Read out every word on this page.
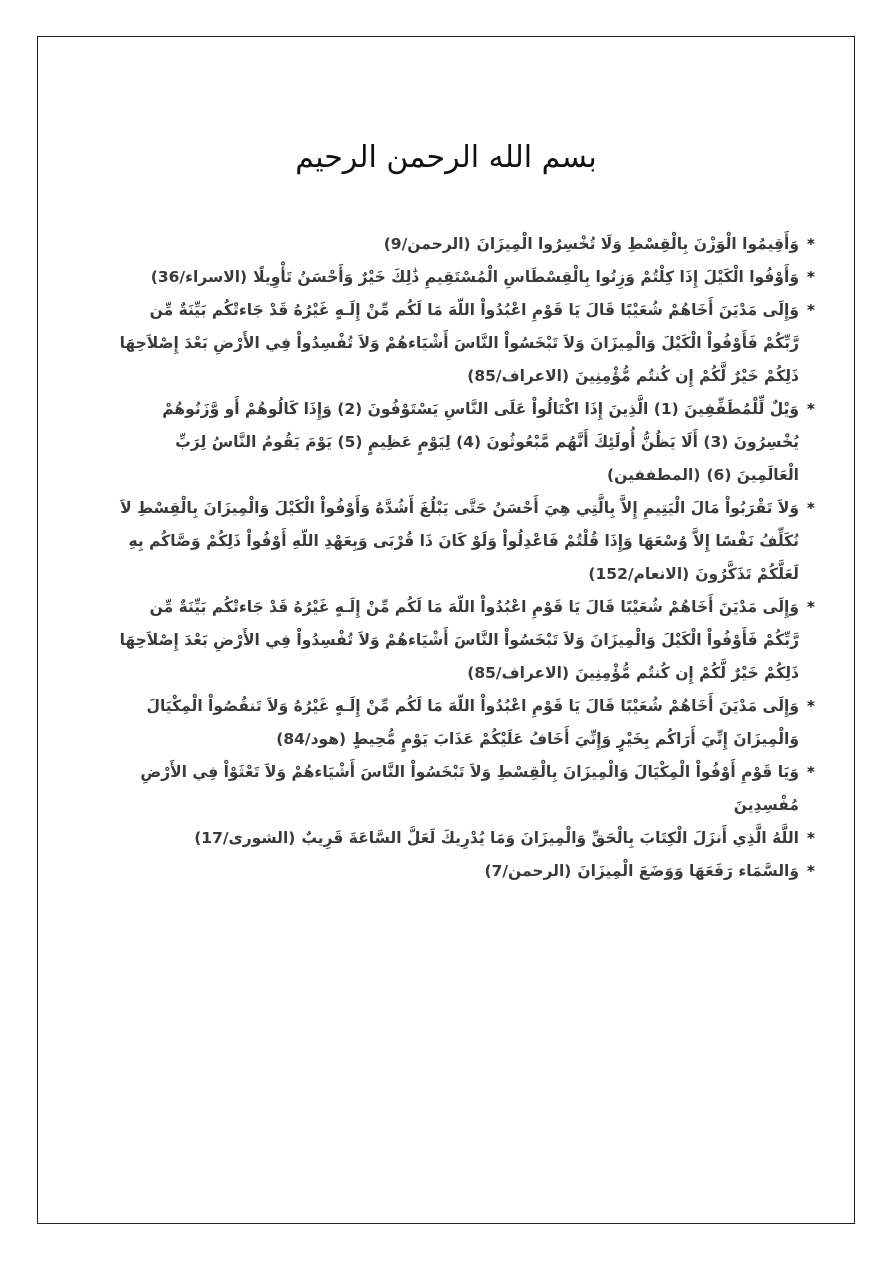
بسم الله الرحمن الرحيم
*
وَأَقِيمُوا الْوَزْنَ بِالْقِسْطِ وَلَا تُخْسِرُوا الْمِيزَانَ(الرحمن/9)
*
وَأَوْفُوا الْكَيْلَ إِذَا كِلْتُمْ وَزِنُوا بِالْقِسْطَاسِ الْمُسْتَقِيمِ ذَٰلِكَ خَيْرٌ وَأَحْسَنُ تَأْوِيلًا(الاسراء/36)
*
وَإِلَى مَدْيَنَ أَخَاهُمْ شُعَيْبًا قَالَ يَا قَوْمِ اعْبُدُواْ اللّهَ مَا لَكُم مِّنْ إِلَـهٍ غَيْرُهُ قَدْ جَاءتْكُم بَيِّنَةٌ مِّن رَّبِّكُمْ فَأَوْفُواْ الْكَيْلَ وَالْمِيزَانَ وَلاَ تَبْخَسُواْ النَّاسَ أَشْيَاءهُمْ وَلاَ تُفْسِدُواْ فِي الأَرْضِ بَعْدَ إِصْلاَحِهَا ذَلِكُمْ خَيْرٌ لَّكُمْ إِن كُنتُم مُّؤْمِنِينَ(الاعراف/85)
*
وَيْلٌ لِّلْمُطَفِّفِينَ (1) الَّذِينَ إِذَا اكْتَالُواْ عَلَى النَّاسِ يَسْتَوْفُونَ (2) وَإِذَا كَالُوهُمْ أَو وَّزَنُوهُمْ يُخْسِرُونَ (3) أَلَا يَظُنُّ أُولَئِكَ أَنَّهُم مَّبْعُوثُونَ (4) لِيَوْمٍ عَظِيمٍ (5) يَوْمَ يَقُومُ النَّاسُ لِرَبِّ الْعَالَمِينَ (6)(المطففين)
*
وَلاَ تَقْرَبُواْ مَالَ الْيَتِيمِ إِلاَّ بِالَّتِي هِيَ أَحْسَنُ حَتَّى يَبْلُغَ أَشُدَّهُ وَأَوْفُواْ الْكَيْلَ وَالْمِيزَانَ بِالْقِسْطِ لاَ نُكَلِّفُ نَفْسًا إِلاَّ وُسْعَهَا وَإِذَا قُلْتُمْ فَاعْدِلُواْ وَلَوْ كَانَ ذَا قُرْبَى وَبِعَهْدِ اللّهِ أَوْفُواْ ذَلِكُمْ وَصَّاكُم بِهِ لَعَلَّكُمْ تَذَكَّرُونَ(الانعام/152)
*
وَإِلَى مَدْيَنَ أَخَاهُمْ شُعَيْبًا قَالَ يَا قَوْمِ اعْبُدُواْ اللّهَ مَا لَكُم مِّنْ إِلَـهٍ غَيْرُهُ قَدْ جَاءتْكُم بَيِّنَةٌ مِّن رَّبِّكُمْ فَأَوْفُواْ الْكَيْلَ وَالْمِيزَانَ وَلاَ تَبْخَسُواْ النَّاسَ أَشْيَاءهُمْ وَلاَ تُفْسِدُواْ فِي الأَرْضِ بَعْدَ إِصْلاَحِهَا ذَلِكُمْ خَيْرٌ لَّكُمْ إِن كُنتُم مُّؤْمِنِينَ(الاعراف/85)
*
وَإِلَى مَدْيَنَ أَخَاهُمْ شُعَيْبًا قَالَ يَا قَوْمِ اعْبُدُواْ اللّهَ مَا لَكُم مِّنْ إِلَـهٍ غَيْرُهُ وَلاَ تَنقُصُواْ الْمِكْيَالَ وَالْمِيزَانَ إِنِّيَ أَرَاكُم بِخَيْرٍ وَإِنِّيَ أَخَافُ عَلَيْكُمْ عَذَابَ يَوْمٍ مُّحِيطٍ(هود/84)
*
وَيَا قَوْمِ أَوْفُواْ الْمِكْيَالَ وَالْمِيزَانَ بِالْقِسْطِ وَلاَ تَبْخَسُواْ النَّاسَ أَشْيَاءهُمْ وَلاَ تَعْثَوْاْ فِي الأَرْضِ مُفْسِدِينَ
*
اللَّهُ الَّذِي أَنزَلَ الْكِتَابَ بِالْحَقِّ وَالْمِيزَانَ وَمَا يُدْرِيكَ لَعَلَّ السَّاعَةَ قَرِيبٌ(الشورى/17)
*
وَالسَّمَاء رَفَعَهَا وَوَضَعَ الْمِيزَانَ(الرحمن/7)
